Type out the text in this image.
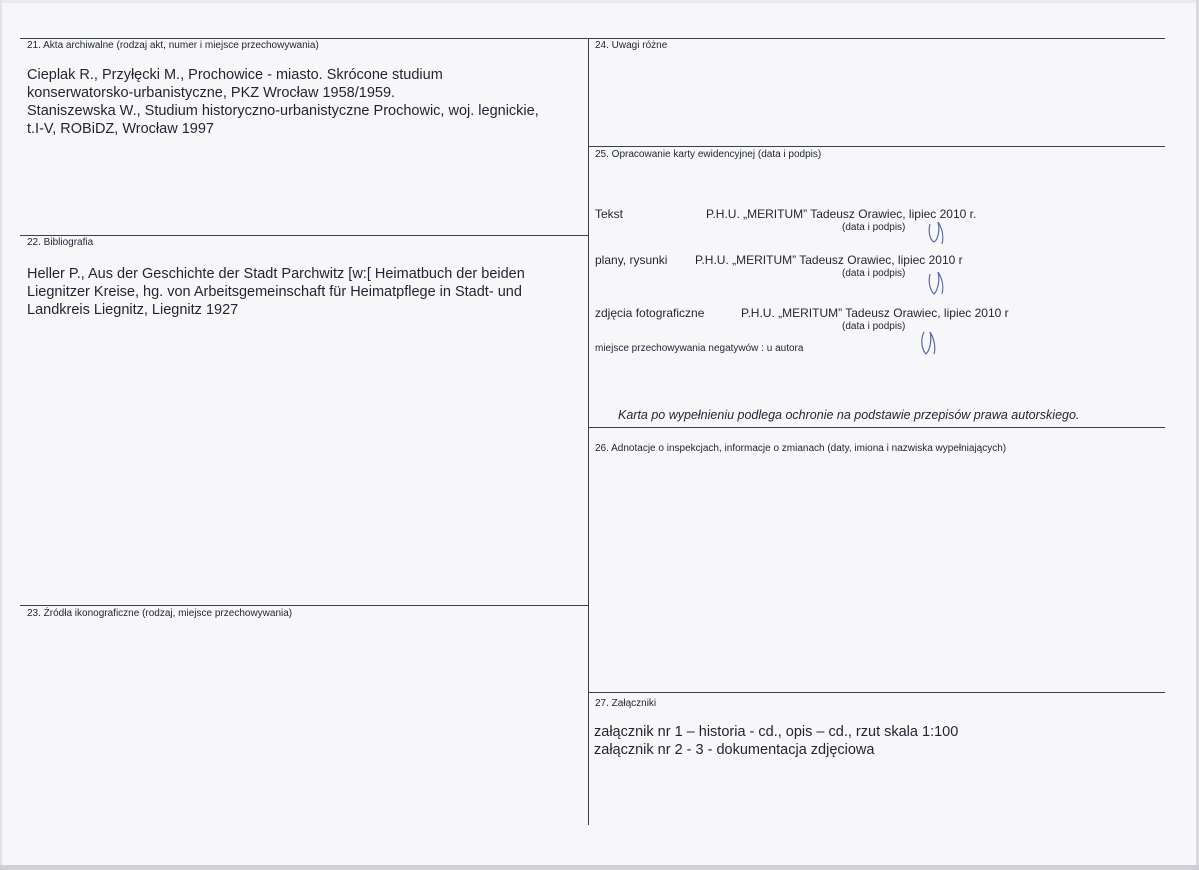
21. Akta archiwalne (rodzaj akt, numer i miejsce przechowywania)
Cieplak R., Przyłęcki M., Prochowice - miasto. Skrócone studium
konserwatorsko-urbanistyczne, PKZ Wrocław 1958/1959.
Staniszewska W., Studium historyczno-urbanistyczne Prochowic, woj. legnickie,
t.I-V, ROBiDZ, Wrocław 1997
22. Bibliografia
Heller P., Aus der Geschichte der Stadt Parchwitz [w:[ Heimatbuch der beiden
Liegnitzer Kreise, hg. von Arbeitsgemeinschaft für Heimatpflege in Stadt- und
Landkreis Liegnitz, Liegnitz 1927
23. Źródła ikonograficzne (rodzaj, miejsce przechowywania)
24. Uwagi różne
25. Opracowanie karty ewidencyjnej (data i podpis)
Tekst	P.H.U. „MERITUM” Tadeusz Orawiec, lipiec 2010 r.
(data i podpis)
plany, rysunki P.H.U. „MERITUM” Tadeusz Orawiec, lipiec 2010 r
(data i podpis)
zdjęcia fotograficzne	P.H.U. „MERITUM” Tadeusz Orawiec, lipiec 2010 r
(data i podpis)
miejsce przechowywania negatywów : u autora
Karta po wypełnieniu podlega ochronie na podstawie przepisów prawa autorskiego.
26. Adnotacje o inspekcjach, informacje o zmianach (daty, imiona i nazwiska wypełniających)
27. Załączniki
załącznik nr 1 – historia - cd., opis – cd., rzut skala 1:100
załącznik nr 2 - 3 - dokumentacja zdjęciowa
